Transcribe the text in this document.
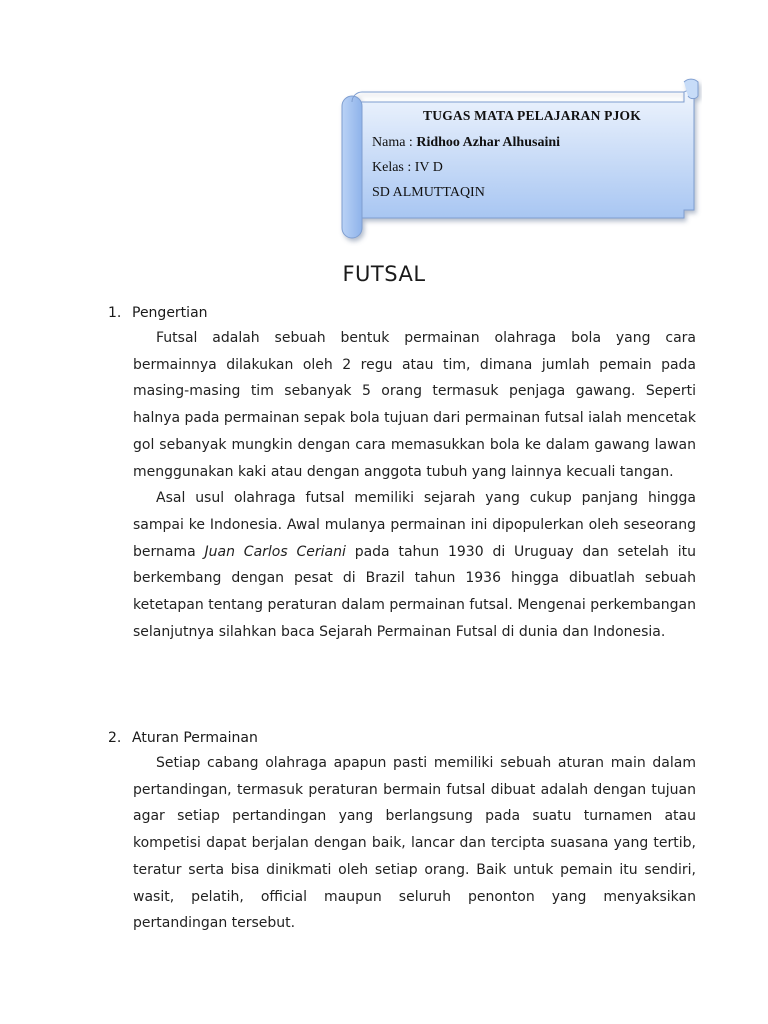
TUGAS MATA PELAJARAN PJOK
Nama : Ridhoo Azhar Alhusaini
Kelas : IV D
SD ALMUTTAQIN
FUTSAL
1. Pengertian

Futsal adalah sebuah bentuk permainan olahraga bola yang cara bermainnya dilakukan oleh 2 regu atau tim, dimana jumlah pemain pada masing-masing tim sebanyak 5 orang termasuk penjaga gawang. Seperti halnya pada permainan sepak bola tujuan dari permainan futsal ialah mencetak gol sebanyak mungkin dengan cara memasukkan bola ke dalam gawang lawan menggunakan kaki atau dengan anggota tubuh yang lainnya kecuali tangan.

Asal usul olahraga futsal memiliki sejarah yang cukup panjang hingga sampai ke Indonesia. Awal mulanya permainan ini dipopulerkan oleh seseorang bernama Juan Carlos Ceriani pada tahun 1930 di Uruguay dan setelah itu berkembang dengan pesat di Brazil tahun 1936 hingga dibuatlah sebuah ketetapan tentang peraturan dalam permainan futsal. Mengenai perkembangan selanjutnya silahkan baca Sejarah Permainan Futsal di dunia dan Indonesia.

2. Aturan Permainan

Setiap cabang olahraga apapun pasti memiliki sebuah aturan main dalam pertandingan, termasuk peraturan bermain futsal dibuat adalah dengan tujuan agar setiap pertandingan yang berlangsung pada suatu turnamen atau kompetisi dapat berjalan dengan baik, lancar dan tercipta suasana yang tertib, teratur serta bisa dinikmati oleh setiap orang. Baik untuk pemain itu sendiri, wasit, pelatih, official maupun seluruh penonton yang menyaksikan pertandingan tersebut.
